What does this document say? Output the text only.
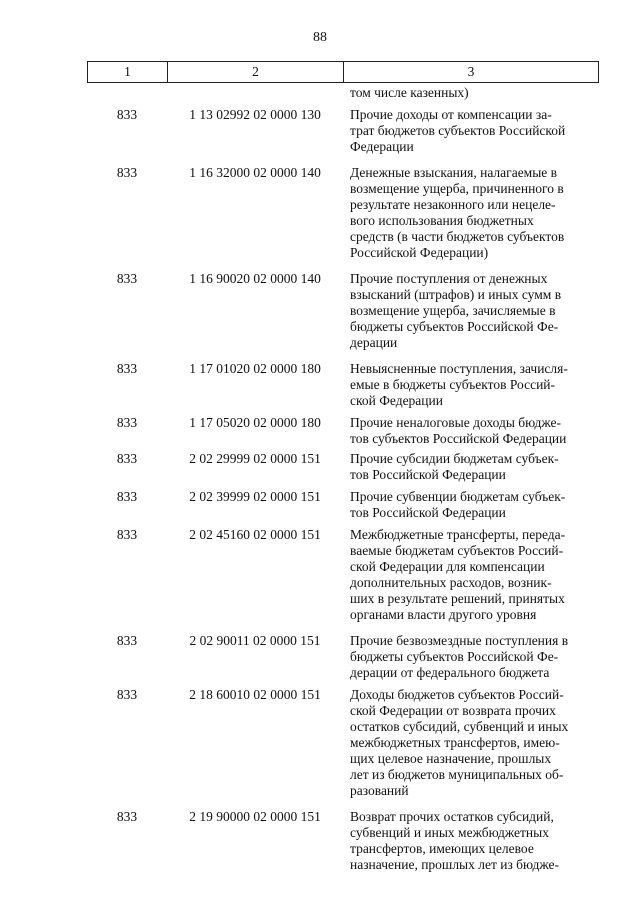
88
1	2	3
том числе казенных)
833	1 13 02992 02 0000 130	Прочие доходы от компенсации за-
трат бюджетов субъектов Российской
Федерации
833	1 16 32000 02 0000 140	Денежные взыскания, налагаемые в
возмещение ущерба, причиненного в
результате незаконного или нецеле-
вого использования бюджетных
средств (в части бюджетов субъектов
Российской Федерации)
833	1 16 90020 02 0000 140	Прочие поступления от денежных
взысканий (штрафов) и иных сумм в
возмещение ущерба, зачисляемые в
бюджеты субъектов Российской Фе-
дерации
833	1 17 01020 02 0000 180	Невыясненные поступления, зачисля-
емые в бюджеты субъектов Россий-
ской Федерации
833	1 17 05020 02 0000 180	Прочие неналоговые доходы бюдже-
тов субъектов Российской Федерации
833	2 02 29999 02 0000 151	Прочие субсидии бюджетам субъек-
тов Российской Федерации
833	2 02 39999 02 0000 151	Прочие субвенции бюджетам субъек-
тов Российской Федерации
833	2 02 45160 02 0000 151	Межбюджетные трансферты, переда-
ваемые бюджетам субъектов Россий-
ской Федерации для компенсации
дополнительных расходов, возник-
ших в результате решений, принятых
органами власти другого уровня
833	2 02 90011 02 0000 151	Прочие безвозмездные поступления в
бюджеты субъектов Российской Фе-
дерации от федерального бюджета
833	2 18 60010 02 0000 151	Доходы бюджетов субъектов Россий-
ской Федерации от возврата прочих
остатков субсидий, субвенций и иных
межбюджетных трансфертов, имею-
щих целевое назначение, прошлых
лет из бюджетов муниципальных об-
разований
833	2 19 90000 02 0000 151	Возврат прочих остатков субсидий,
субвенций и иных межбюджетных
трансфертов, имеющих целевое
назначение, прошлых лет из бюдже-
